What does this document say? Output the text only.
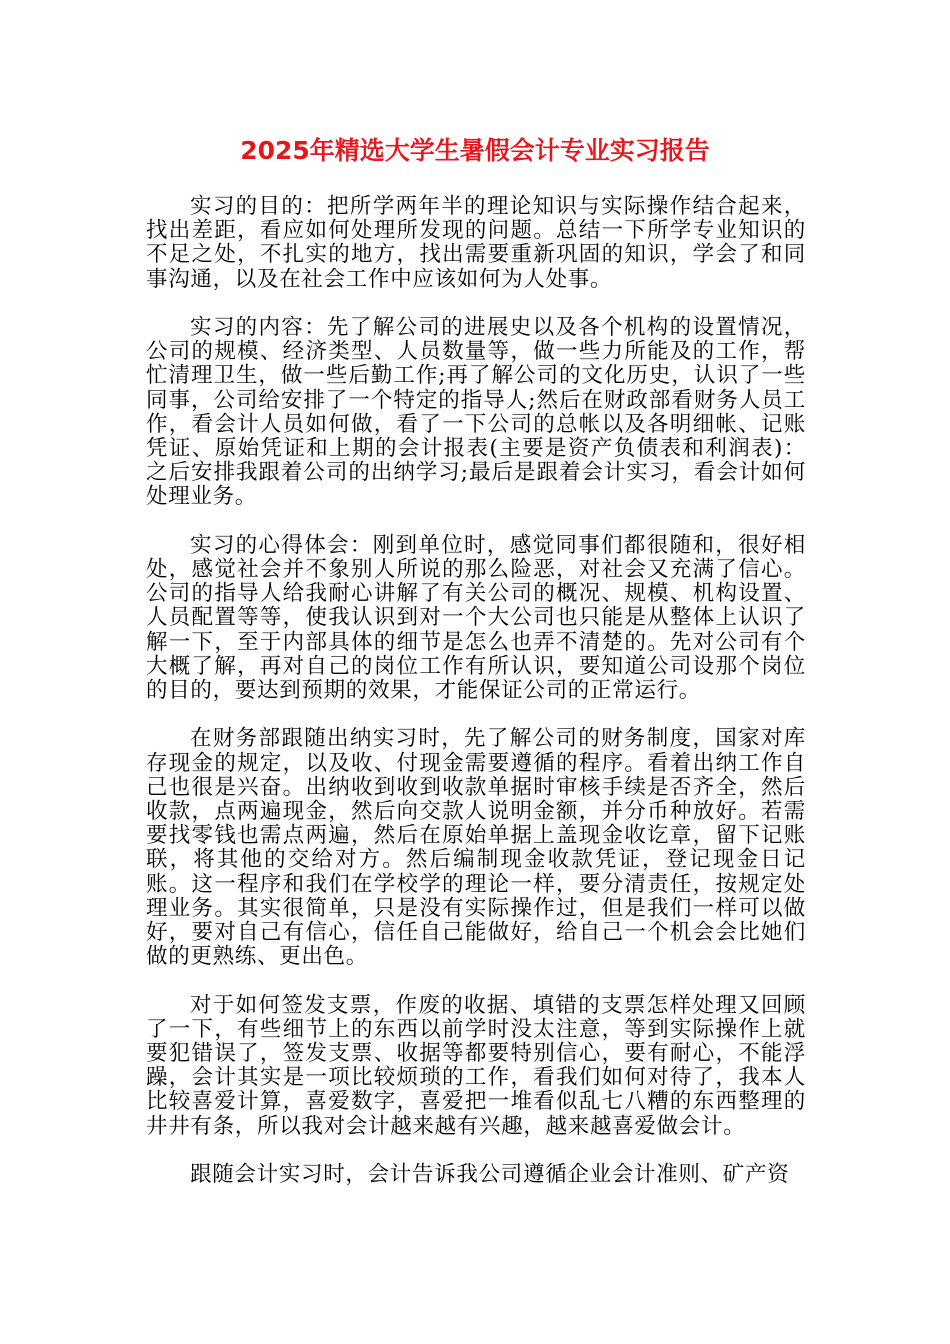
2025年精选大学生暑假会计专业实习报告

实习的目的：把所学两年半的理论知识与实际操作结合起来，找出差距，看应如何处理所发现的问题。总结一下所学专业知识的不足之处，不扎实的地方，找出需要重新巩固的知识，学会了和同事沟通，以及在社会工作中应该如何为人处事。

实习的内容：先了解公司的进展史以及各个机构的设置情况，公司的规模、经济类型、人员数量等，做一些力所能及的工作，帮忙清理卫生，做一些后勤工作;再了解公司的文化历史，认识了一些同事，公司给安排了一个特定的指导人;然后在财政部看财务人员工作，看会计人员如何做，看了一下公司的总帐以及各明细帐、记账凭证、原始凭证和上期的会计报表(主要是资产负债表和利润表)：之后安排我跟着公司的出纳学习;最后是跟着会计实习，看会计如何处理业务。

实习的心得体会：刚到单位时，感觉同事们都很随和，很好相处，感觉社会并不象别人所说的那么险恶，对社会又充满了信心。公司的指导人给我耐心讲解了有关公司的概况、规模、机构设置、人员配置等等，使我认识到对一个大公司也只能是从整体上认识了解一下，至于内部具体的细节是怎么也弄不清楚的。先对公司有个大概了解，再对自己的岗位工作有所认识，要知道公司设那个岗位的目的，要达到预期的效果，才能保证公司的正常运行。

在财务部跟随出纳实习时，先了解公司的财务制度，国家对库存现金的规定，以及收、付现金需要遵循的程序。看着出纳工作自己也很是兴奋。出纳收到收到收款单据时审核手续是否齐全，然后收款，点两遍现金，然后向交款人说明金额，并分币种放好。若需要找零钱也需点两遍，然后在原始单据上盖现金收讫章，留下记账联，将其他的交给对方。然后编制现金收款凭证，登记现金日记账。这一程序和我们在学校学的理论一样，要分清责任，按规定处理业务。其实很简单，只是没有实际操作过，但是我们一样可以做好，要对自己有信心，信任自己能做好，给自己一个机会会比她们做的更熟练、更出色。

对于如何签发支票，作废的收据、填错的支票怎样处理又回顾了一下，有些细节上的东西以前学时没太注意，等到实际操作上就要犯错误了，签发支票、收据等都要特别信心，要有耐心，不能浮躁，会计其实是一项比较烦琐的工作，看我们如何对待了，我本人比较喜爱计算，喜爱数字，喜爱把一堆看似乱七八糟的东西整理的井井有条，所以我对会计越来越有兴趣，越来越喜爱做会计。

跟随会计实习时，会计告诉我公司遵循企业会计准则、矿产资
